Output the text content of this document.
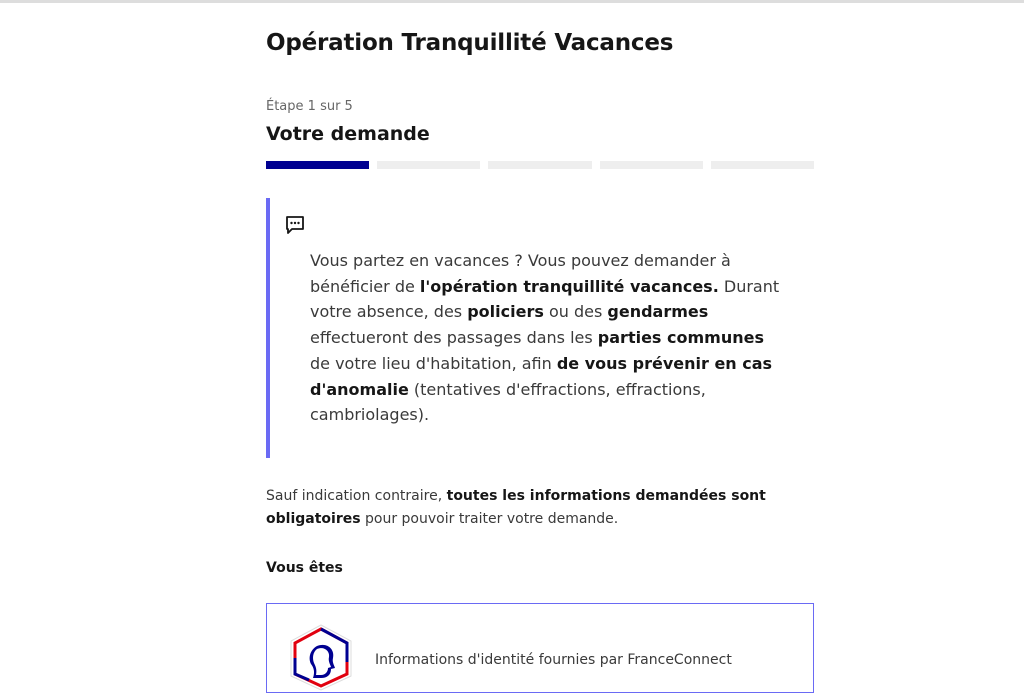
Opération Tranquillité Vacances
Étape 1 sur 5
Votre demande

Vous partez en vacances ? Vous pouvez demander à bénéficier de l'opération tranquillité vacances. Durant votre absence, des policiers ou des gendarmes effectueront des passages dans les parties communes de votre lieu d'habitation, afin de vous prévenir en cas d'anomalie (tentatives d'effractions, effractions, cambriolages).

Sauf indication contraire, toutes les informations demandées sont obligatoires pour pouvoir traiter votre demande.

Vous êtes
Informations d'identité fournies par FranceConnect
